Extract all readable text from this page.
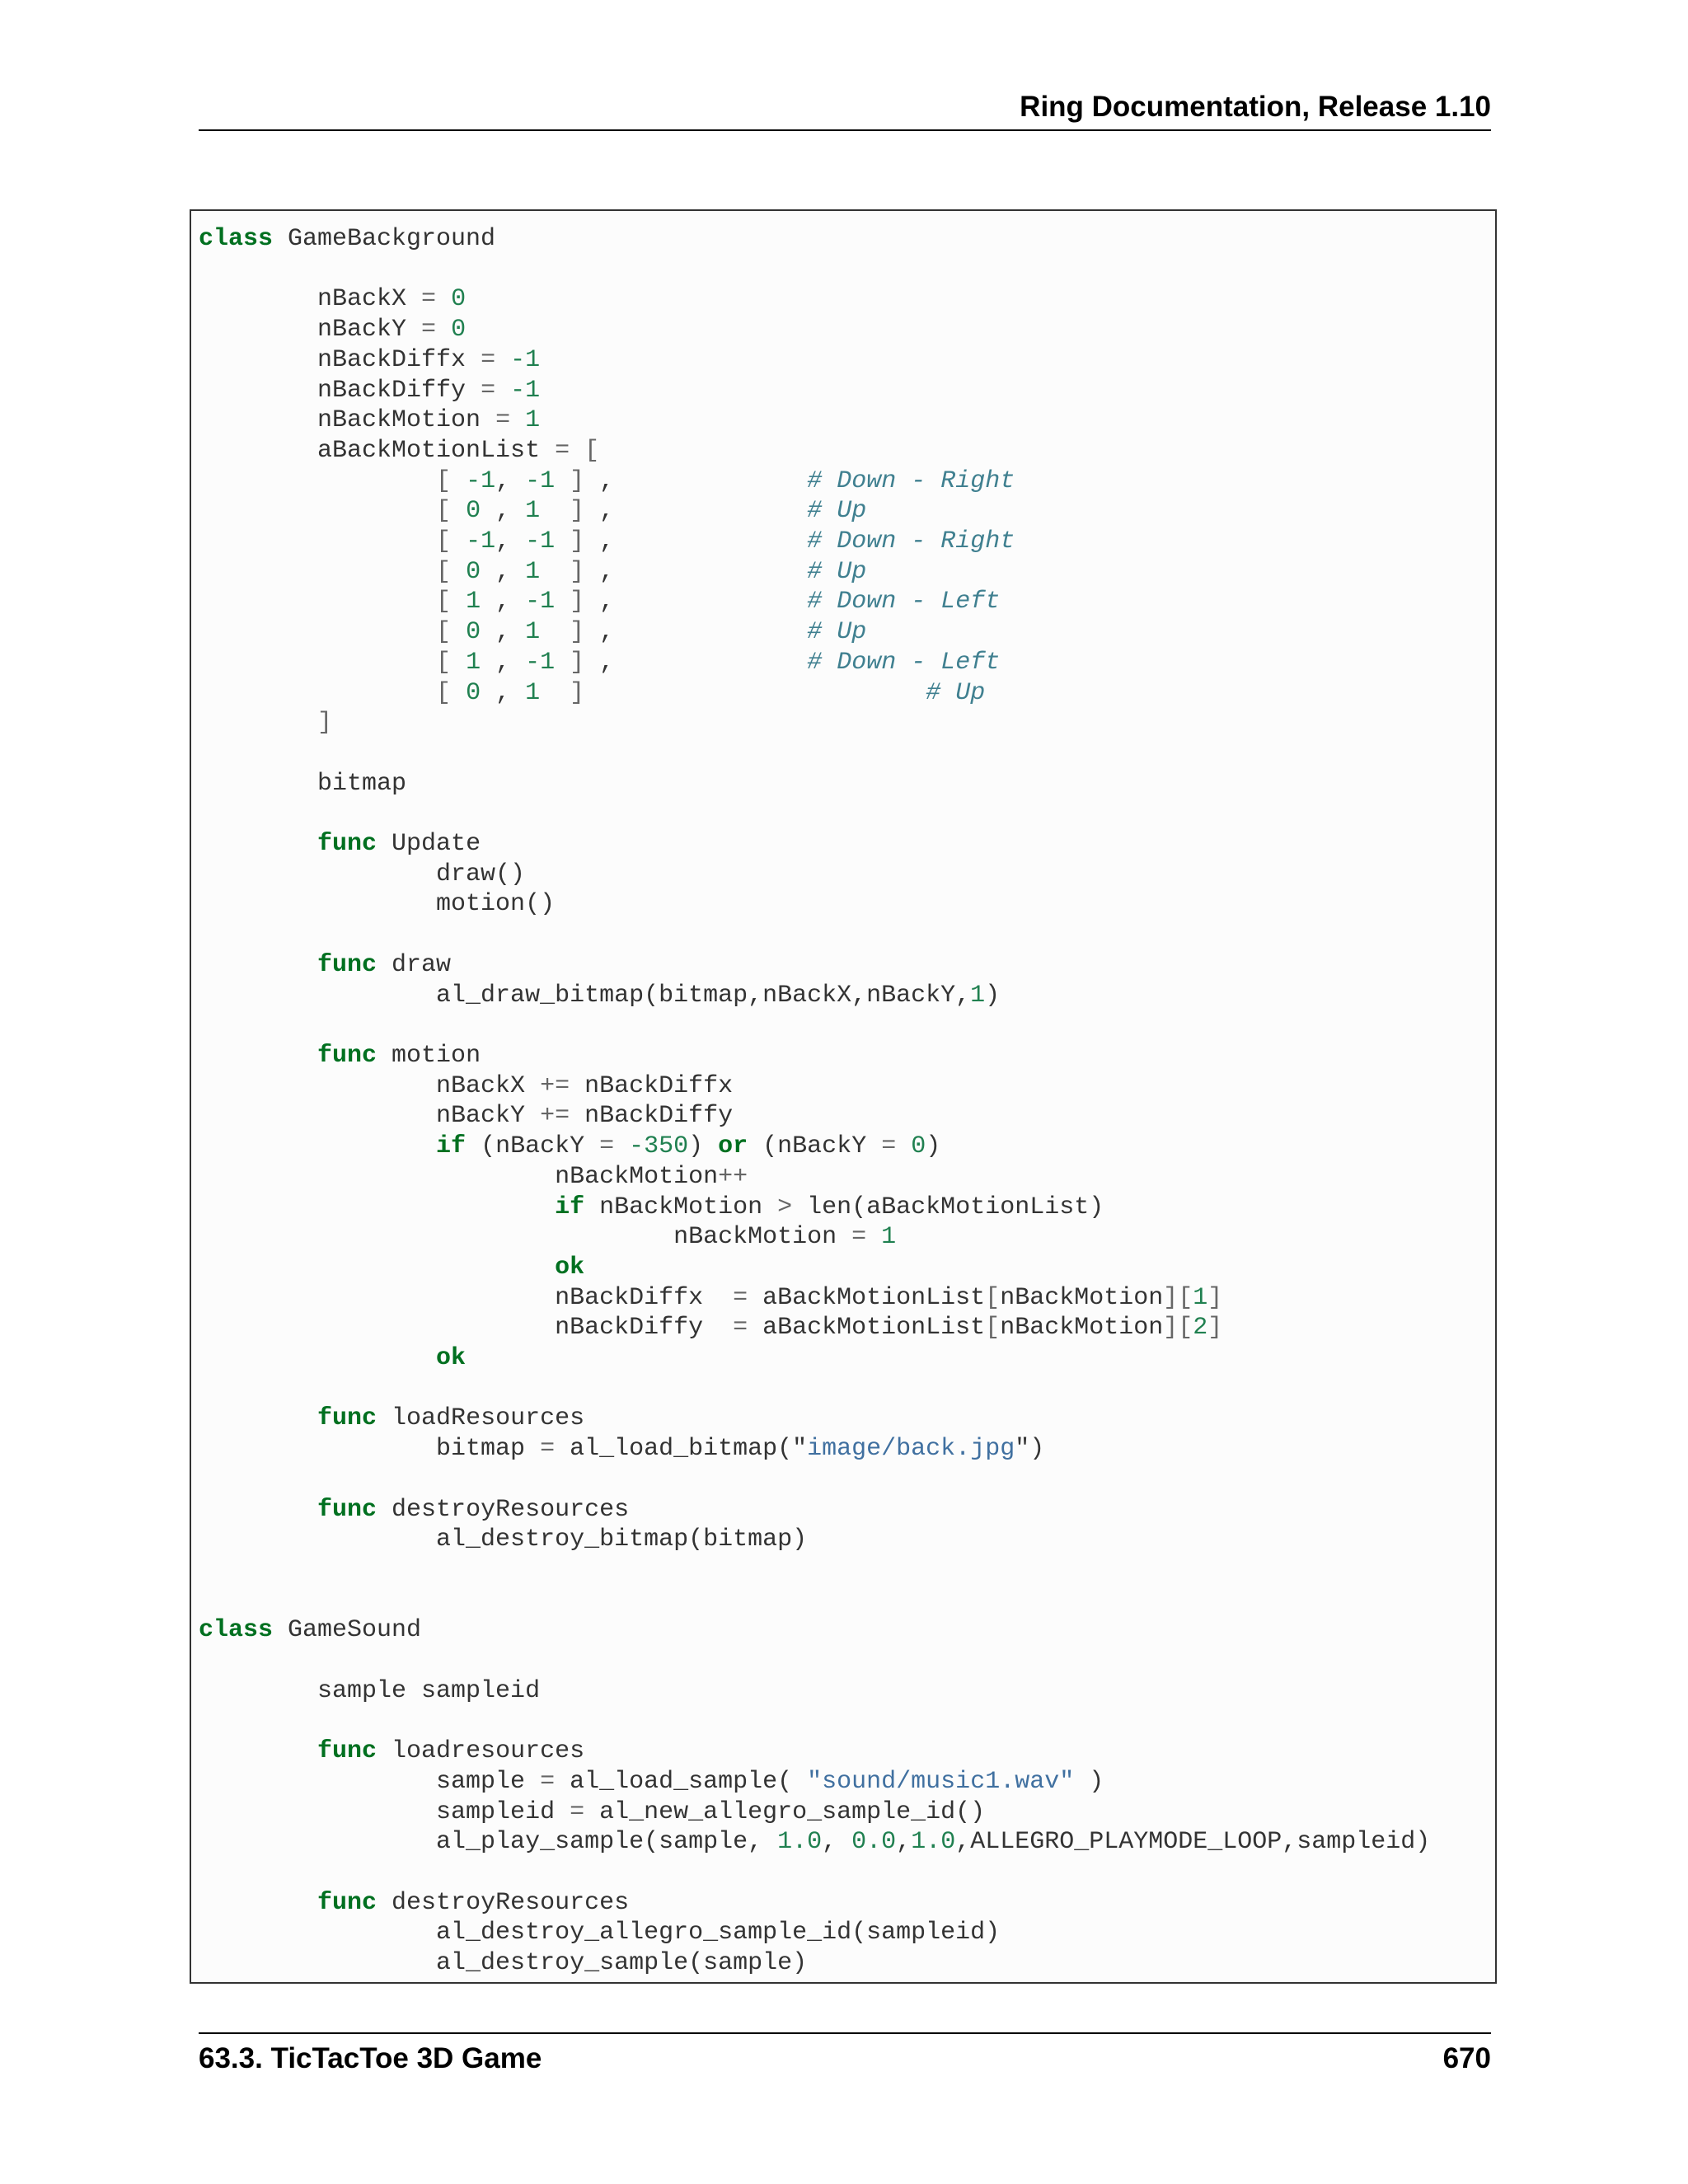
Ring Documentation, Release 1.10
class GameBackground

nBackX = 0
nBackY = 0
nBackDiffx = -1
nBackDiffy = -1
nBackMotion = 1
aBackMotionList = [
[ -1, -1 ] ,             # Down - Right
[ 0 , 1 ] ,             # Up
[ -1, -1 ] ,             # Down - Right
[ 0 , 1 ] ,             # Up
[ 1 , -1 ] ,             # Down - Left
[ 0 , 1 ] ,             # Up
[ 1 , -1 ] ,             # Down - Left
[ 0 , 1 ]	# Up
]

bitmap

func Update
draw()
motion()

func draw
al_draw_bitmap(bitmap,nBackX,nBackY,1)

func motion
nBackX += nBackDiffx
nBackY += nBackDiffy
if (nBackY = -350) or (nBackY = 0)
nBackMotion++
if nBackMotion > len(aBackMotionList)
nBackMotion = 1
ok
nBackDiffx  = aBackMotionList[nBackMotion][1]
nBackDiffy  = aBackMotionList[nBackMotion][2]
ok

func loadResources
bitmap = al_load_bitmap("image/back.jpg")

func destroyResources
al_destroy_bitmap(bitmap)

class GameSound

sample sampleid

func loadresources
sample = al_load_sample( "sound/music1.wav" )
sampleid = al_new_allegro_sample_id()
al_play_sample(sample, 1.0, 0.0,1.0,ALLEGRO_PLAYMODE_LOOP,sampleid)

func destroyResources
al_destroy_allegro_sample_id(sampleid)
al_destroy_sample(sample)
63.3. TicTacToe 3D Game	670
